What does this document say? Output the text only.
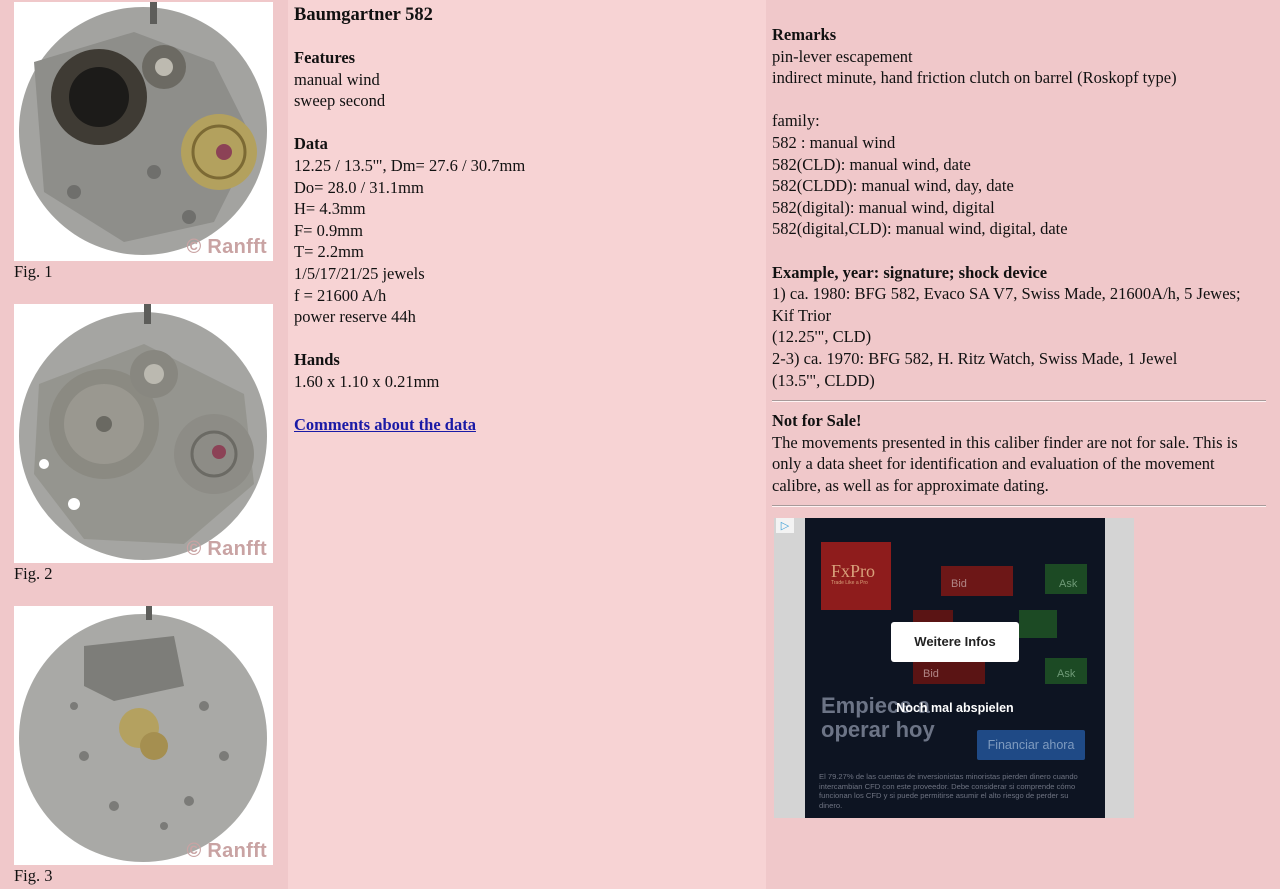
© Ranfft
Fig. 1
© Ranfft
Fig. 2
© Ranfft
Fig. 3
Baumgartner 582
Features
manual wind
sweep second
Data
12.25 / 13.5'", Dm= 27.6 / 30.7mm
Do= 28.0 / 31.1mm
H= 4.3mm
F= 0.9mm
T= 2.2mm
1/5/17/21/25 jewels
f = 21600 A/h
power reserve 44h
Hands
1.60 x 1.10 x 0.21mm
Comments about the data
Remarks
pin-lever escapement
indirect minute, hand friction clutch on barrel (Roskopf type)
family:
582 : manual wind
582(CLD): manual wind, date
582(CLDD): manual wind, day, date
582(digital): manual wind, digital
582(digital,CLD): manual wind, digital, date
Example, year: signature; shock device
1) ca. 1980: BFG 582, Evaco SA V7, Swiss Made, 21600A/h, 5 Jewes; Kif Trior
(12.25'", CLD)
2-3) ca. 1970: BFG 582, H. Ritz Watch, Swiss Made, 1 Jewel
(13.5'", CLDD)
Not for Sale!
The movements presented in this caliber finder are not for sale. This is only a data sheet for identification and evaluation of the movement calibre, as well as for approximate dating.
▷
FxPro
Trade Like a Pro	Bid	Ask
Bid	Ask
Empiece a operar hoy
Financiar ahora
Weitere Infos
Noch mal abspielen
El 79.27% de las cuentas de inversionistas minoristas pierden dinero cuando intercambian CFD con este proveedor. Debe considerar si comprende cómo funcionan los CFD y si puede permitirse asumir el alto riesgo de perder su dinero.
